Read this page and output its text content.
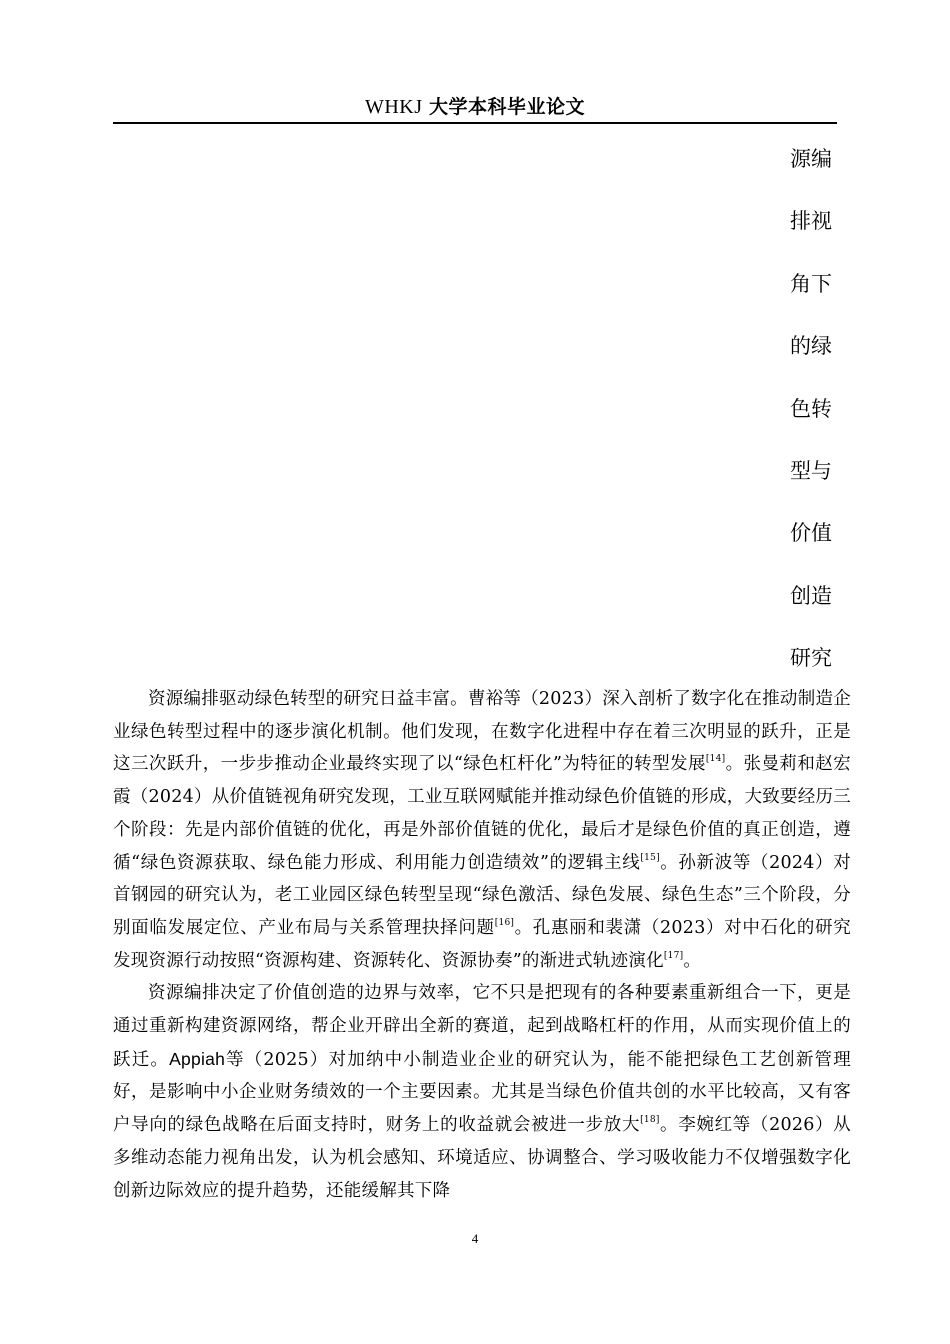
WHKJ 大学本科毕业论文
源编
排视
角下
的绿
色转
型与
价值
创造
研究

资源编排驱动绿色转型的研究日益丰富。曹裕等（2023）深入剖析了数字化在推动制造企业绿色转型过程中的逐步演化机制。他们发现，在数字化进程中存在着三次明显的跃升，正是这三次跃升，一步步推动企业最终实现了以“绿色杠杆化”为特征的转型发展[14]。张曼莉和赵宏霞（2024）从价值链视角研究发现，工业互联网赋能并推动绿色价值链的形成，大致要经历三个阶段：先是内部价值链的优化，再是外部价值链的优化，最后才是绿色价值的真正创造，遵循“绿色资源获取、绿色能力形成、利用能力创造绩效”的逻辑主线[15]。孙新波等（2024）对首钢园的研究认为，老工业园区绿色转型呈现“绿色激活、绿色发展、绿色生态”三个阶段，分别面临发展定位、产业布局与关系管理抉择问题[16]。孔惠丽和裴潇（2023）对中石化的研究发现资源行动按照“资源构建、资源转化、资源协奏”的渐进式轨迹演化[17]。

资源编排决定了价值创造的边界与效率，它不只是把现有的各种要素重新组合一下，更是通过重新构建资源网络，帮企业开辟出全新的赛道，起到战略杠杆的作用，从而实现价值上的跃迁。Appiah等（2025）对加纳中小制造业企业的研究认为，能不能把绿色工艺创新管理好，是影响中小企业财务绩效的一个主要因素。尤其是当绿色价值共创的水平比较高，又有客户导向的绿色战略在后面支持时，财务上的收益就会被进一步放大[18]。李婉红等（2026）从多维动态能力视角出发，认为机会感知、环境适应、协调整合、学习吸收能力不仅增强数字化创新边际效应的提升趋势，还能缓解其下降

4
